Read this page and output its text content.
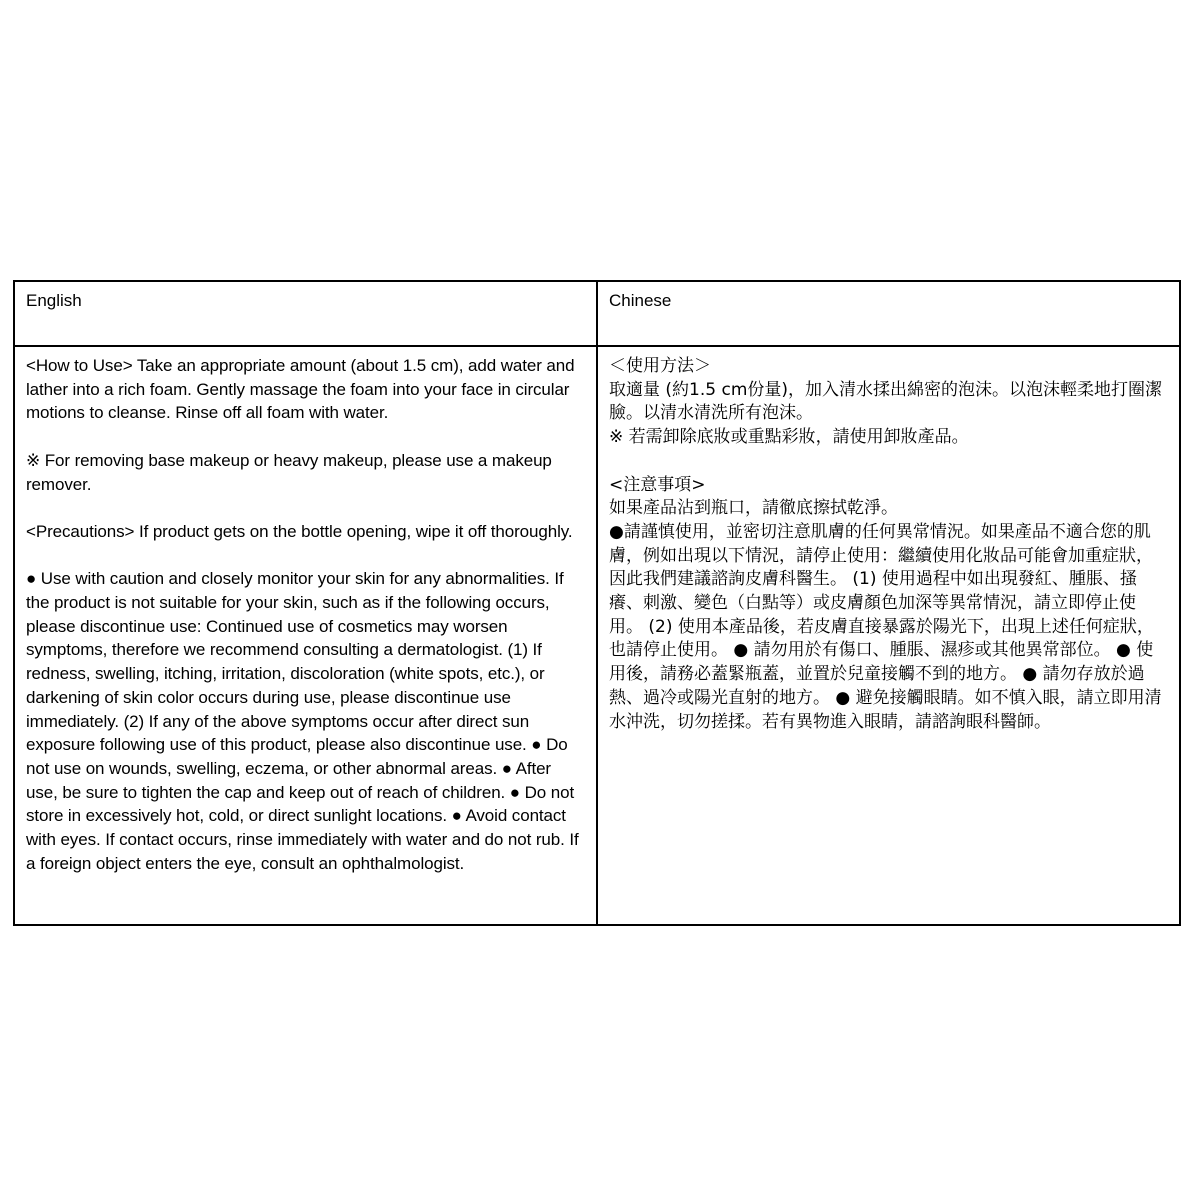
English	Chinese

<How to Use> Take an appropriate amount (about 1.5 cm), add water and lather into a rich foam. Gently massage the foam into your face in circular motions to cleanse. Rinse off all foam with water.

※ For removing base makeup or heavy makeup, please use a makeup remover.

<Precautions> If product gets on the bottle opening, wipe it off thoroughly.

● Use with caution and closely monitor your skin for any abnormalities. If the product is not suitable for your skin, such as if the following occurs, please discontinue use: Continued use of cosmetics may worsen symptoms, therefore we recommend consulting a dermatologist. (1) If redness, swelling, itching, irritation, discoloration (white spots, etc.), or darkening of skin color occurs during use, please discontinue use immediately. (2) If any of the above symptoms occur after direct sun exposure following use of this product, please also discontinue use. ● Do not use on wounds, swelling, eczema, or other abnormal areas. ● After use, be sure to tighten the cap and keep out of reach of children. ● Do not store in excessively hot, cold, or direct sunlight locations. ● Avoid contact with eyes. If contact occurs, rinse immediately with water and do not rub. If a foreign object enters the eye, consult an ophthalmologist.

＜使用方法＞

取適量 (約1.5 cm份量)，加入清水揉出綿密的泡沫。以泡沫輕柔地打圈潔臉。以清水清洗所有泡沫。

※ 若需卸除底妝或重點彩妝，請使用卸妝產品。

<注意事項>

如果產品沾到瓶口，請徹底擦拭乾淨。

●請謹慎使用，並密切注意肌膚的任何異常情況。如果產品不適合您的肌膚，例如出現以下情況，請停止使用：繼續使用化妝品可能會加重症狀，因此我們建議諮詢皮膚科醫生。 (1) 使用過程中如出現發紅、腫脹、搔癢、刺激、變色（白點等）或皮膚顏色加深等異常情況，請立即停止使用。 (2) 使用本產品後，若皮膚直接暴露於陽光下，出現上述任何症狀，也請停止使用。 ● 請勿用於有傷口、腫脹、濕疹或其他異常部位。 ● 使用後，請務必蓋緊瓶蓋，並置於兒童接觸不到的地方。 ● 請勿存放於過熱、過冷或陽光直射的地方。 ● 避免接觸眼睛。如不慎入眼，請立即用清水沖洗，切勿搓揉。若有異物進入眼睛，請諮詢眼科醫師。
